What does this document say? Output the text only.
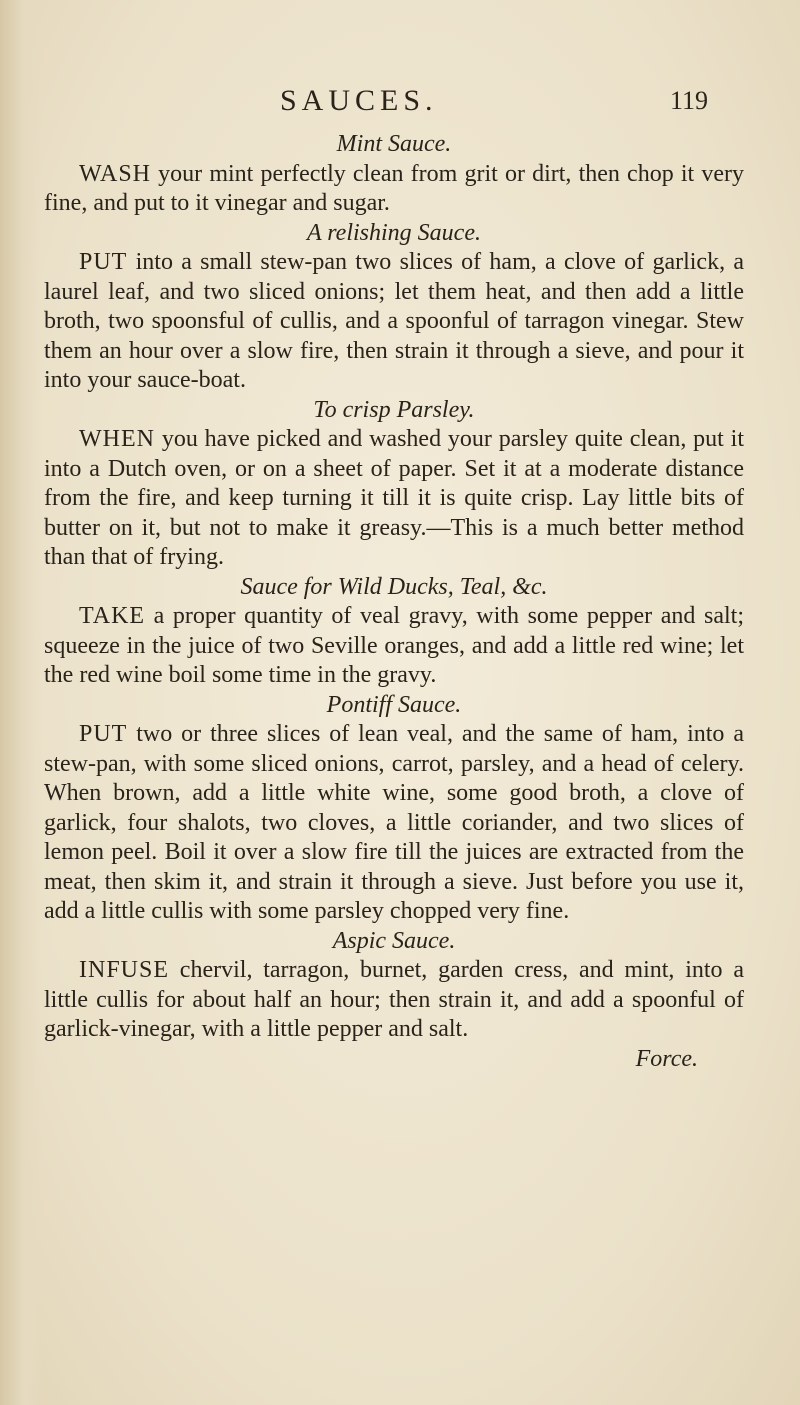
SAUCES.	119

Mint Sauce.

WASH your mint perfectly clean from grit or dirt, then chop it very fine, and put to it vinegar and sugar.

A relishing Sauce.

PUT into a small stew-pan two slices of ham, a clove of garlick, a laurel leaf, and two sliced onions; let them heat, and then add a little broth, two spoonsful of cullis, and a spoonful of tarragon vinegar. Stew them an hour over a slow fire, then strain it through a sieve, and pour it into your sauce-boat.

To crisp Parsley.

WHEN you have picked and washed your parsley quite clean, put it into a Dutch oven, or on a sheet of paper. Set it at a moderate distance from the fire, and keep turning it till it is quite crisp. Lay little bits of butter on it, but not to make it greasy.—This is a much better method than that of frying.

Sauce for Wild Ducks, Teal, &c.

TAKE a proper quantity of veal gravy, with some pepper and salt; squeeze in the juice of two Seville oranges, and add a little red wine; let the red wine boil some time in the gravy.

Pontiff Sauce.

PUT two or three slices of lean veal, and the same of ham, into a stew-pan, with some sliced onions, carrot, parsley, and a head of celery. When brown, add a little white wine, some good broth, a clove of garlick, four shalots, two cloves, a little coriander, and two slices of lemon peel. Boil it over a slow fire till the juices are extracted from the meat, then skim it, and strain it through a sieve. Just before you use it, add a little cullis with some parsley chopped very fine.

Aspic Sauce.

INFUSE chervil, tarragon, burnet, garden cress, and mint, into a little cullis for about half an hour; then strain it, and add a spoonful of garlick-vinegar, with a little pepper and salt.

Force.
